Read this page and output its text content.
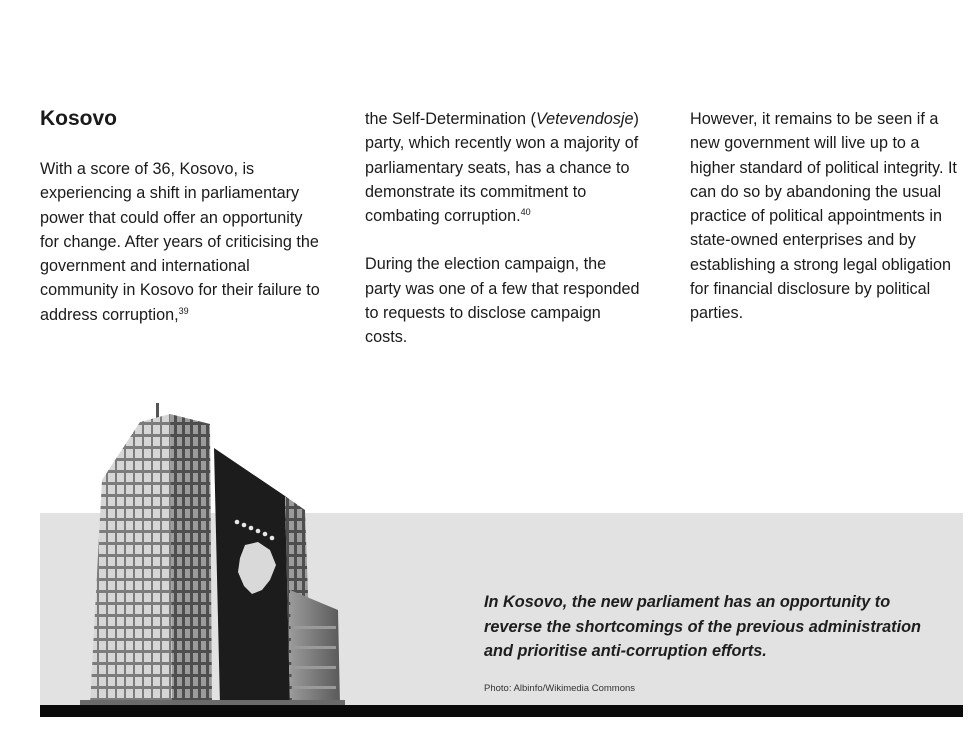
Kosovo

With a score of 36, Kosovo, is experiencing a shift in parliamentary power that could offer an opportunity for change. After years of criticising the government and international community in Kosovo for their failure to address corruption,$^{39}$

the Self-Determination (Vetevendosje) party, which recently won a majority of parliamentary seats, has a chance to demonstrate its commitment to combating corruption.$^{40}$

During the election campaign, the party was one of a few that responded to requests to disclose campaign costs.

However, it remains to be seen if a new government will live up to a higher standard of political integrity. It can do so by abandoning the usual practice of political appointments in state-owned enterprises and by establishing a strong legal obligation for financial disclosure by political parties.

In Kosovo, the new parliament has an opportunity to reverse the shortcomings of the previous administration and prioritise anti-corruption efforts.
Photo: Albinfo/Wikimedia Commons
